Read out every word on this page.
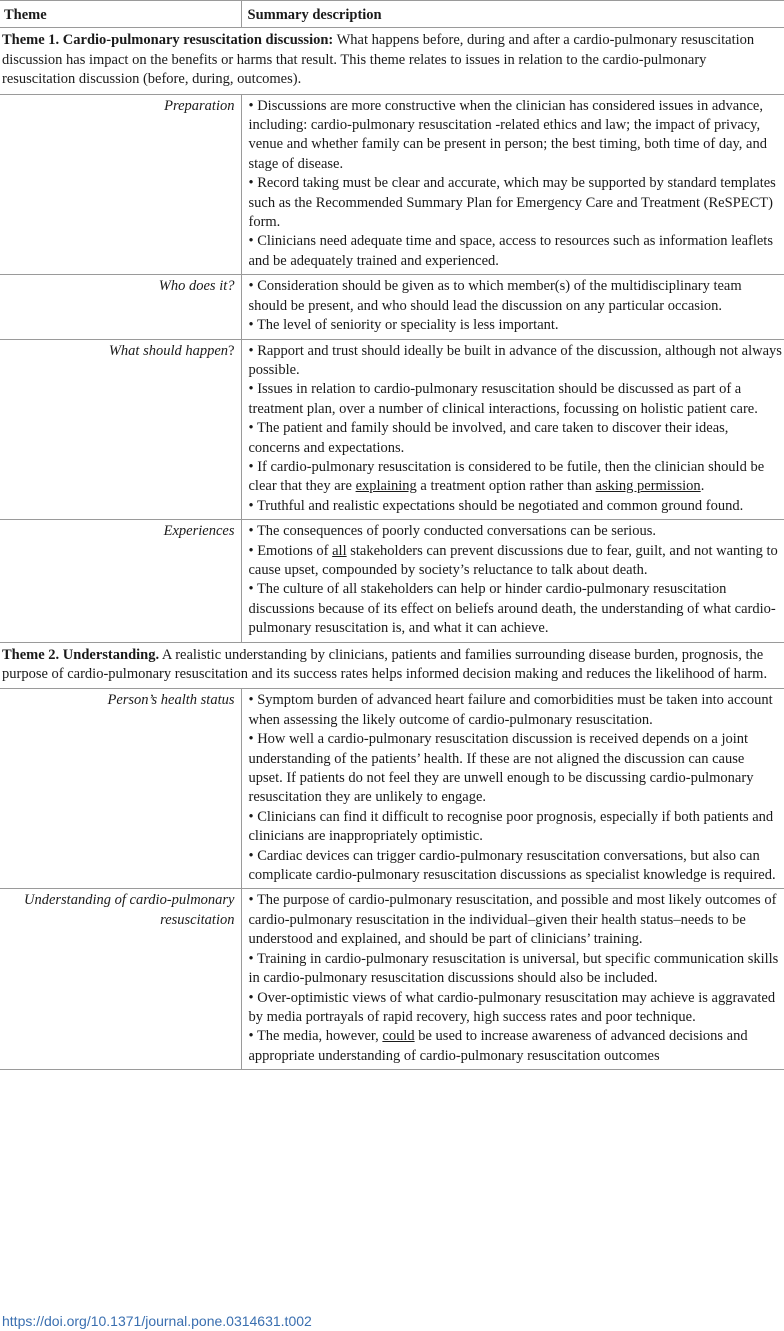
Theme	Summary description
Theme 1. Cardio-pulmonary resuscitation discussion: What happens before, during and after a cardio-pulmonary resuscitation discussion has impact on the benefits or harms that result. This theme relates to issues in relation to the cardio-pulmonary resuscitation discussion (before, during, outcomes).	
Preparation	• Discussions are more constructive when the clinician has considered issues in advance, including: cardio-pulmonary resuscitation -related ethics and law; the impact of privacy, venue and whether family can be present in person; the best timing, both time of day, and stage of disease.
• Record taking must be clear and accurate, which may be supported by standard templates such as the Recommended Summary Plan for Emergency Care and Treatment (ReSPECT) form.
• Clinicians need adequate time and space, access to resources such as information leaflets and be adequately trained and experienced.

Who does it?	• Consideration should be given as to which member(s) of the multidisciplinary team should be present, and who should lead the discussion on any particular occasion.
• The level of seniority or speciality is less important.

What should happen?	• Rapport and trust should ideally be built in advance of the discussion, although not always possible.
• Issues in relation to cardio-pulmonary resuscitation should be discussed as part of a treatment plan, over a number of clinical interactions, focussing on holistic patient care.
• The patient and family should be involved, and care taken to discover their ideas, concerns and expectations.
• If cardio-pulmonary resuscitation is considered to be futile, then the clinician should be clear that they are explaining a treatment option rather than asking permission.
• Truthful and realistic expectations should be negotiated and common ground found.

Experiences	• The consequences of poorly conducted conversations can be serious.
• Emotions of all stakeholders can prevent discussions due to fear, guilt, and not wanting to cause upset, compounded by society’s reluctance to talk about death.
• The culture of all stakeholders can help or hinder cardio-pulmonary resuscitation discussions because of its effect on beliefs around death, the understanding of what cardio-pulmonary resuscitation is, and what it can achieve.

Theme 2. Understanding. A realistic understanding by clinicians, patients and families surrounding disease burden, prognosis, the purpose of cardio-pulmonary resuscitation and its success rates helps informed decision making and reduces the likelihood of harm.	
Person’s health status	• Symptom burden of advanced heart failure and comorbidities must be taken into account when assessing the likely outcome of cardio-pulmonary resuscitation.
• How well a cardio-pulmonary resuscitation discussion is received depends on a joint understanding of the patients’ health. If these are not aligned the discussion can cause upset. If patients do not feel they are unwell enough to be discussing cardio-pulmonary resuscitation they are unlikely to engage.
• Clinicians can find it difficult to recognise poor prognosis, especially if both patients and clinicians are inappropriately optimistic.
• Cardiac devices can trigger cardio-pulmonary resuscitation conversations, but also can complicate cardio-pulmonary resuscitation discussions as specialist knowledge is required.

Understanding of cardio-pulmonary resuscitation	• The purpose of cardio-pulmonary resuscitation, and possible and most likely outcomes of cardio-pulmonary resuscitation in the individual–given their health status–needs to be understood and explained, and should be part of clinicians’ training.
• Training in cardio-pulmonary resuscitation is universal, but specific communication skills in cardio-pulmonary resuscitation discussions should also be included.
• Over-optimistic views of what cardio-pulmonary resuscitation may achieve is aggravated by media portrayals of rapid recovery, high success rates and poor technique.
• The media, however, could be used to increase awareness of advanced decisions and appropriate understanding of cardio-pulmonary resuscitation outcomes
https://doi.org/10.1371/journal.pone.0314631.t002
